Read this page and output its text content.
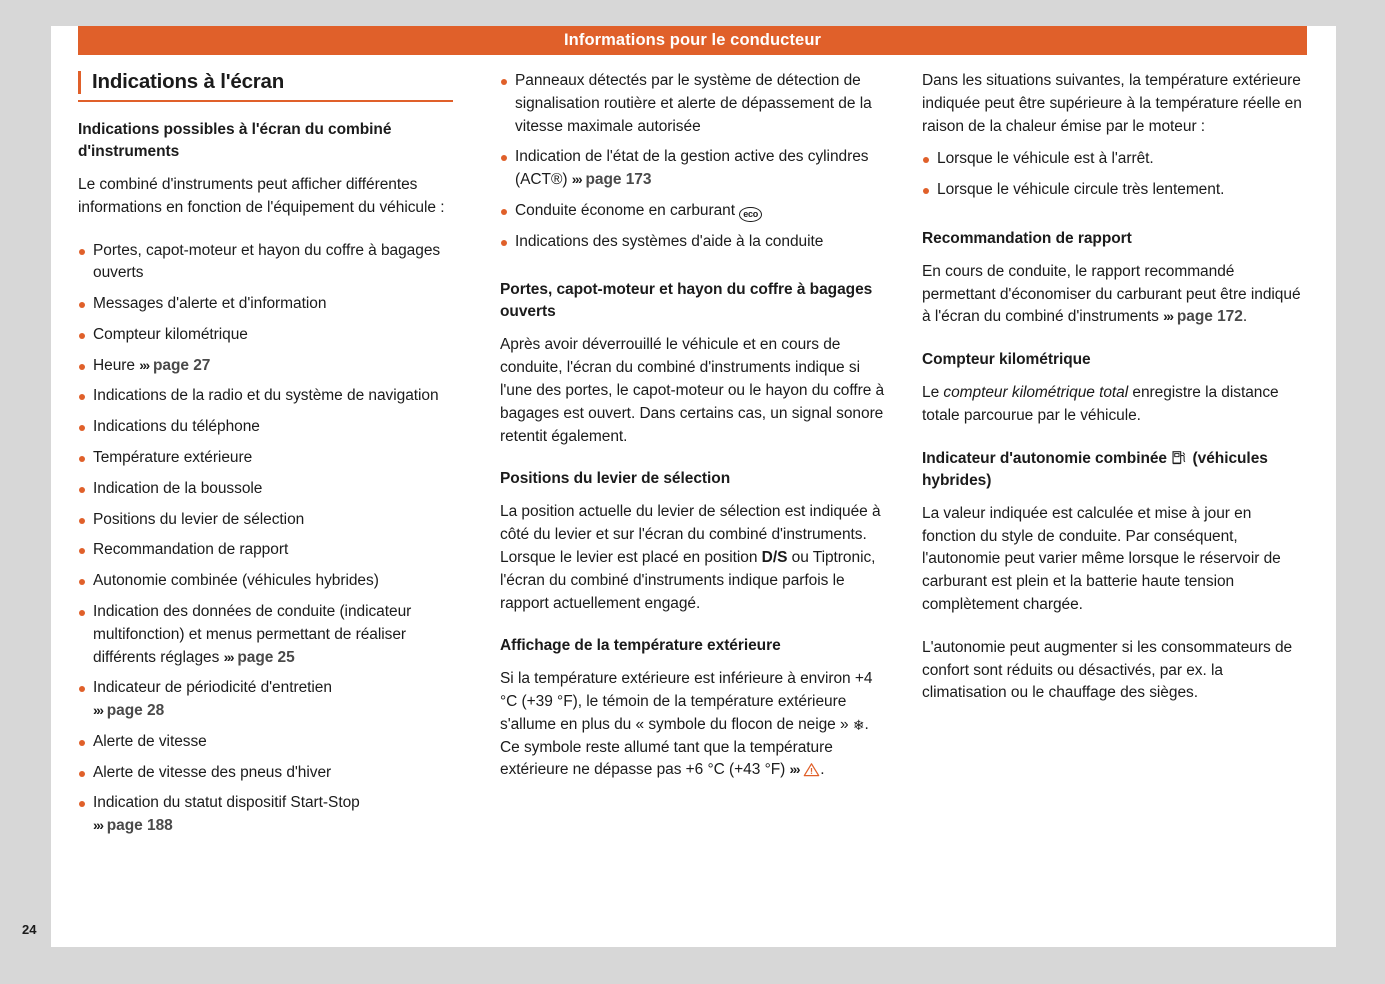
Informations pour le conducteur
24
Indications à l'écran
Indications possibles à l'écran du combiné d'instruments

Le combiné d'instruments peut afficher différentes informations en fonction de l'équipement du véhicule :

Portes, capot-moteur et hayon du coffre à bagages ouverts
Messages d'alerte et d'information
Compteur kilométrique
Heure ››› page 27
Indications de la radio et du système de navigation
Indications du téléphone
Température extérieure
Indication de la boussole
Positions du levier de sélection
Recommandation de rapport
Autonomie combinée (véhicules hybrides)
Indication des données de conduite (indicateur multifonction) et menus permettant de réaliser différents réglages ››› page 25
Indicateur de périodicité d'entretien
››› page 28
Alerte de vitesse
Alerte de vitesse des pneus d'hiver
Indication du statut dispositif Start-Stop
››› page 188
Panneaux détectés par le système de détection de signalisation routière et alerte de dépassement de la vitesse maximale autorisée
Indication de l'état de la gestion active des cylindres (ACT®) ››› page 173
Conduite économe en carburant eco
Indications des systèmes d'aide à la conduite
Portes, capot-moteur et hayon du coffre à bagages ouverts

Après avoir déverrouillé le véhicule et en cours de conduite, l'écran du combiné d'instruments indique si l'une des portes, le capot-moteur ou le hayon du coffre à bagages est ouvert. Dans certains cas, un signal sonore retentit également.

Positions du levier de sélection

La position actuelle du levier de sélection est indiquée à côté du levier et sur l'écran du combiné d'instruments. Lorsque le levier est placé en position D/S ou Tiptronic, l'écran du combiné d'instruments indique parfois le rapport actuellement engagé.

Affichage de la température extérieure

Si la température extérieure est inférieure à environ +4 °C (+39 °F), le témoin de la température extérieure s'allume en plus du « symbole du flocon de neige » ❄. Ce symbole reste allumé tant que la température extérieure ne dépasse pas +6 °C (+43 °F) ››› .

Dans les situations suivantes, la température extérieure indiquée peut être supérieure à la température réelle en raison de la chaleur émise par le moteur :

Lorsque le véhicule est à l'arrêt.
Lorsque le véhicule circule très lentement.
Recommandation de rapport

En cours de conduite, le rapport recommandé permettant d'économiser du carburant peut être indiqué à l'écran du combiné d'instruments ››› page 172.

Compteur kilométrique

Le compteur kilométrique total enregistre la distance totale parcourue par le véhicule.

Indicateur d'autonomie combinée  (véhicules hybrides)

La valeur indiquée est calculée et mise à jour en fonction du style de conduite. Par conséquent, l'autonomie peut varier même lorsque le réservoir de carburant est plein et la batterie haute tension complètement chargée.

L'autonomie peut augmenter si les consommateurs de confort sont réduits ou désactivés, par ex. la climatisation ou le chauffage des sièges.
